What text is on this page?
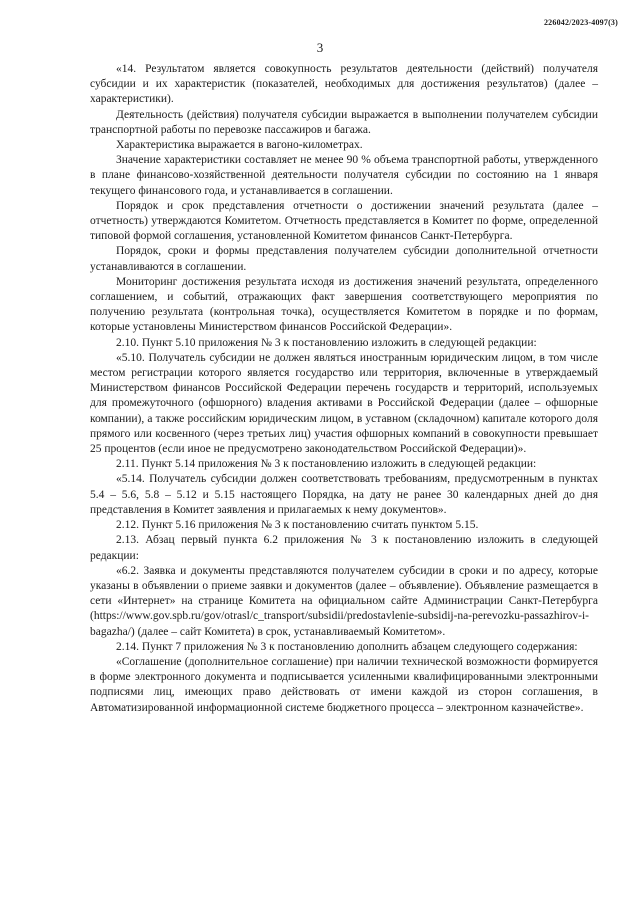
226042/2023-4097(3)
3

«14. Результатом является совокупность результатов деятельности (действий) получателя субсидии и их характеристик (показателей, необходимых для достижения результатов) (далее – характеристики).

Деятельность (действия) получателя субсидии выражается в выполнении получателем субсидии транспортной работы по перевозке пассажиров и багажа.

Характеристика выражается в вагоно-километрах.

Значение характеристики составляет не менее 90 % объема транспортной работы, утвержденного в плане финансово-хозяйственной деятельности получателя субсидии по состоянию на 1 января текущего финансового года, и устанавливается в соглашении.

Порядок и срок представления отчетности о достижении значений результата (далее – отчетность) утверждаются Комитетом. Отчетность представляется в Комитет по форме, определенной типовой формой соглашения, установленной Комитетом финансов Санкт-Петербурга.

Порядок, сроки и формы представления получателем субсидии дополнительной отчетности устанавливаются в соглашении.

Мониторинг достижения результата исходя из достижения значений результата, определенного соглашением, и событий, отражающих факт завершения соответствующего мероприятия по получению результата (контрольная точка), осуществляется Комитетом в порядке и по формам, которые установлены Министерством финансов Российской Федерации».

2.10. Пункт 5.10 приложения № 3 к постановлению изложить в следующей редакции:

«5.10. Получатель субсидии не должен являться иностранным юридическим лицом, в том числе местом регистрации которого является государство или территория, включенные в утверждаемый Министерством финансов Российской Федерации перечень государств и территорий, используемых для промежуточного (офшорного) владения активами в Российской Федерации (далее – офшорные компании), а также российским юридическим лицом, в уставном (складочном) капитале которого доля прямого или косвенного (через третьих лиц) участия офшорных компаний в совокупности превышает 25 процентов (если иное не предусмотрено законодательством Российской Федерации)».

2.11. Пункт 5.14 приложения № 3 к постановлению изложить в следующей редакции:

«5.14. Получатель субсидии должен соответствовать требованиям, предусмотренным в пунктах 5.4 – 5.6, 5.8 – 5.12 и 5.15 настоящего Порядка, на дату не ранее 30 календарных дней до дня представления в Комитет заявления и прилагаемых к нему документов».

2.12. Пункт 5.16 приложения № 3 к постановлению считать пунктом 5.15.

2.13. Абзац первый пункта 6.2 приложения № 3 к постановлению изложить в следующей редакции:

«6.2. Заявка и документы представляются получателем субсидии в сроки и по адресу, которые указаны в объявлении о приеме заявки и документов (далее – объявление). Объявление размещается в сети «Интернет» на странице Комитета на официальном сайте Администрации Санкт-Петербурга (https://www.gov.spb.ru/gov/otrasl/c_transport/subsidii/predostavlenie-subsidij-na-perevozku-passazhirov-i-bagazha/) (далее – сайт Комитета) в срок, устанавливаемый Комитетом».

2.14. Пункт 7 приложения № 3 к постановлению дополнить абзацем следующего содержания:

«Соглашение (дополнительное соглашение) при наличии технической возможности формируется в форме электронного документа и подписывается усиленными квалифицированными электронными подписями лиц, имеющих право действовать от имени каждой из сторон соглашения, в Автоматизированной информационной системе бюджетного процесса – электронном казначействе».
